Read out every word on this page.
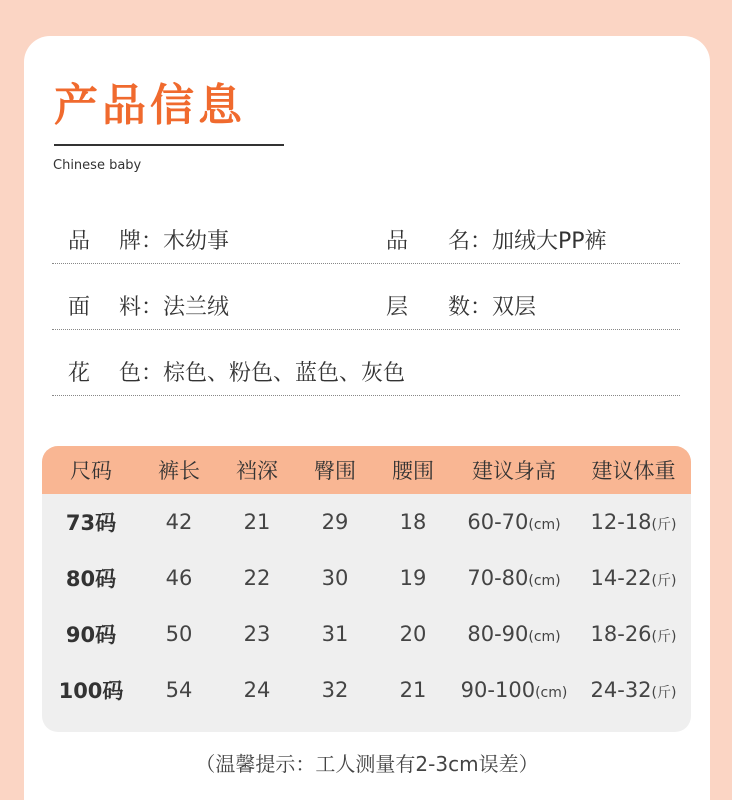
产品信息
Chinese baby
品	牌： 木幼事	品	名： 加绒大PP裤
面	料： 法兰绒	层	数： 双层
花	色： 棕色、粉色、蓝色、灰色
尺码	裤长	裆深	臀围	腰围	建议身高	建议体重
73码	42	21	29	18	60-70(cm)	12-18(斤)
80码	46	22	30	19	70-80(cm)	14-22(斤)
90码	50	23	31	20	80-90(cm)	18-26(斤)
100码	54	24	32	21	90-100(cm)	24-32(斤)
（温馨提示：工人测量有2-3cm误差）
